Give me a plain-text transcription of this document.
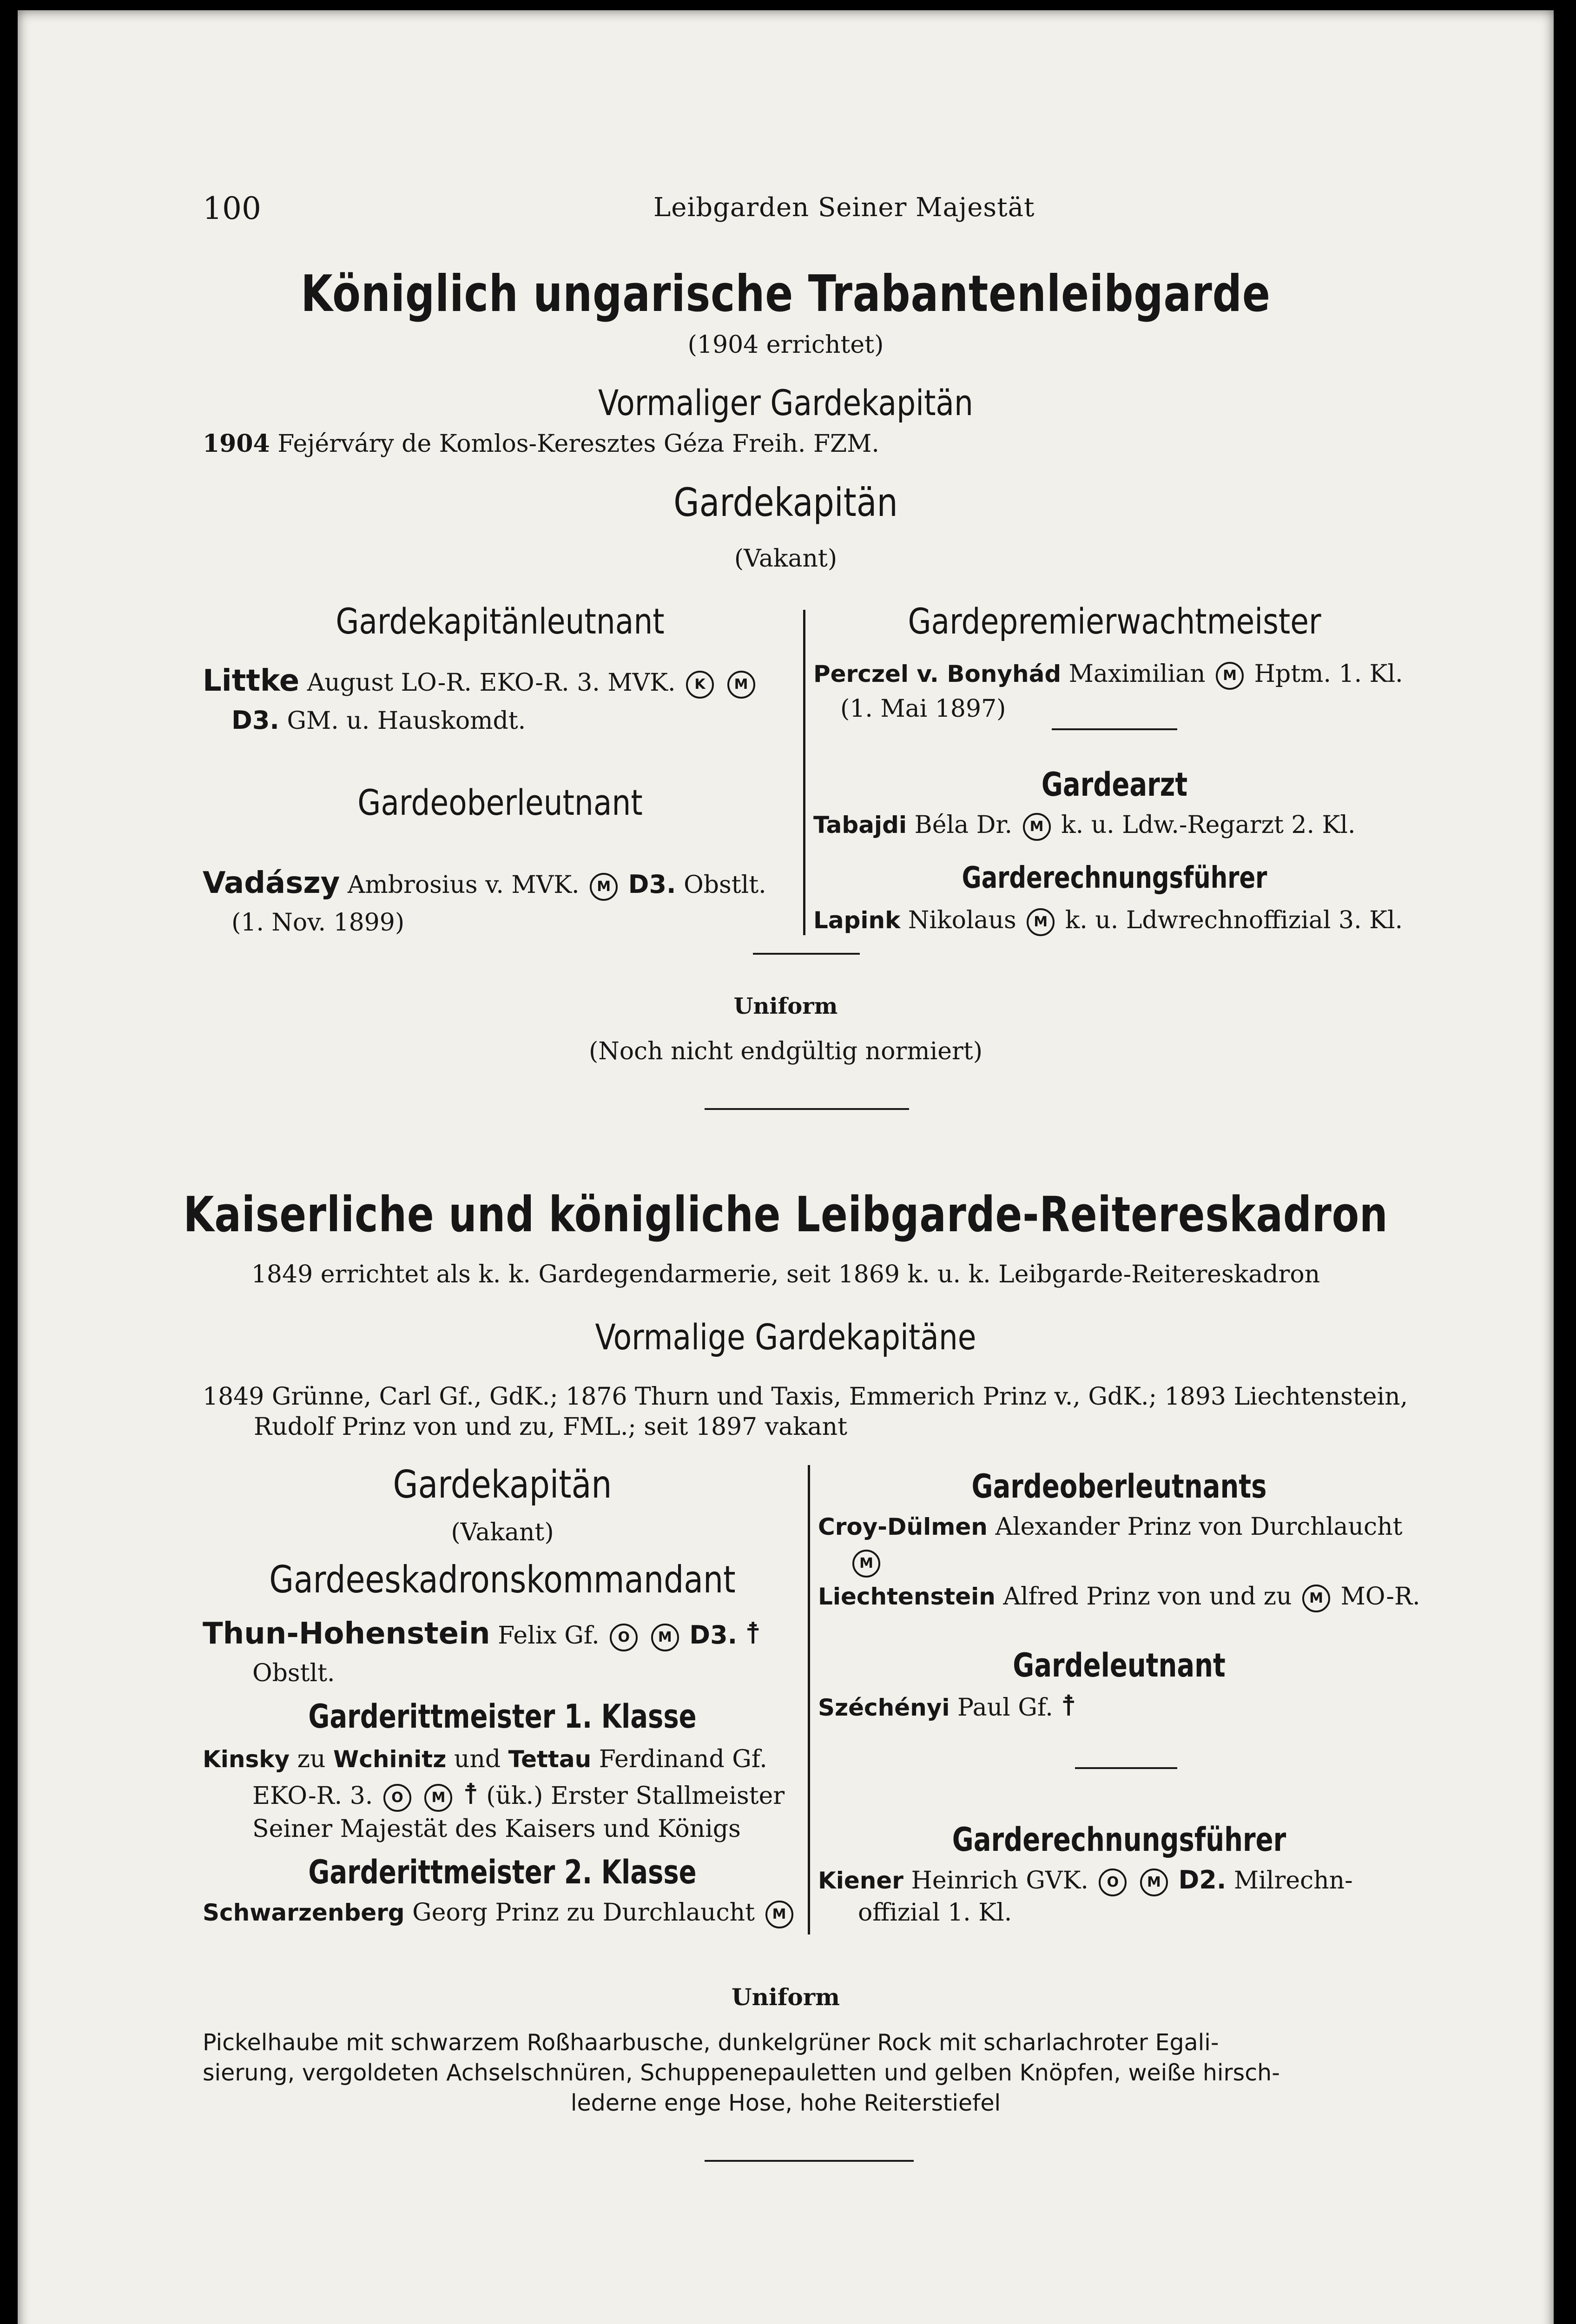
100	Leibgarden Seiner Majestät
Königlich ungarische Trabantenleibgarde
(1904 errichtet)
Vormaliger Gardekapitän
1904 Fejérváry de Komlos-Keresztes Géza Freih. FZM.
Gardekapitän
(Vakant)
Gardekapitänleutnant
Littke August LO-R. EKO-R. 3. MVK. K M
D3. GM. u. Hauskomdt.
Gardeoberleutnant
Vadászy Ambrosius v. MVK. M D3. Obstlt.
(1. Nov. 1899)
Gardepremierwachtmeister
Perczel v. Bonyhád Maximilian M Hptm. 1. Kl.
(1. Mai 1897)
Gardearzt
Tabajdi Béla Dr. M k. u. Ldw.-Regarzt 2. Kl.
Garderechnungsführer
Lapink Nikolaus M k. u. Ldwrechnoffizial 3. Kl.
Uniform
(Noch nicht endgültig normiert)
Kaiserliche und königliche Leibgarde-Reitereskadron
1849 errichtet als k. k. Gardegendarmerie, seit 1869 k. u. k. Leibgarde-Reitereskadron
Vormalige Gardekapitäne
1849 Grünne, Carl Gf., GdK.; 1876 Thurn und Taxis, Emmerich Prinz v., GdK.; 1893 Liechtenstein,
Rudolf Prinz von und zu, FML.; seit 1897 vakant
Gardekapitän
(Vakant)
Gardeeskadronskommandant
Thun-Hohenstein Felix Gf. O M D3. ☨
Obstlt.
Garderittmeister 1. Klasse
Kinsky zu Wchinitz und Tettau Ferdinand Gf.
EKO-R. 3. O M ☨ (ük.) Erster Stallmeister
Seiner Majestät des Kaisers und Königs
Garderittmeister 2. Klasse
Schwarzenberg Georg Prinz zu Durchlaucht M
Gardeoberleutnants
Croy-Dülmen Alexander Prinz von Durchlaucht
M
Liechtenstein Alfred Prinz von und zu M MO-R.
Gardeleutnant
Széchényi Paul Gf. ☨
Garderechnungsführer
Kiener Heinrich GVK. O M D2. Milrechn-
offizial 1. Kl.
Uniform
Pickelhaube mit schwarzem Roßhaarbusche, dunkelgrüner Rock mit scharlachroter Egali-
sierung, vergoldeten Achselschnüren, Schuppenepauletten und gelben Knöpfen, weiße hirsch-
lederne enge Hose, hohe Reiterstiefel
